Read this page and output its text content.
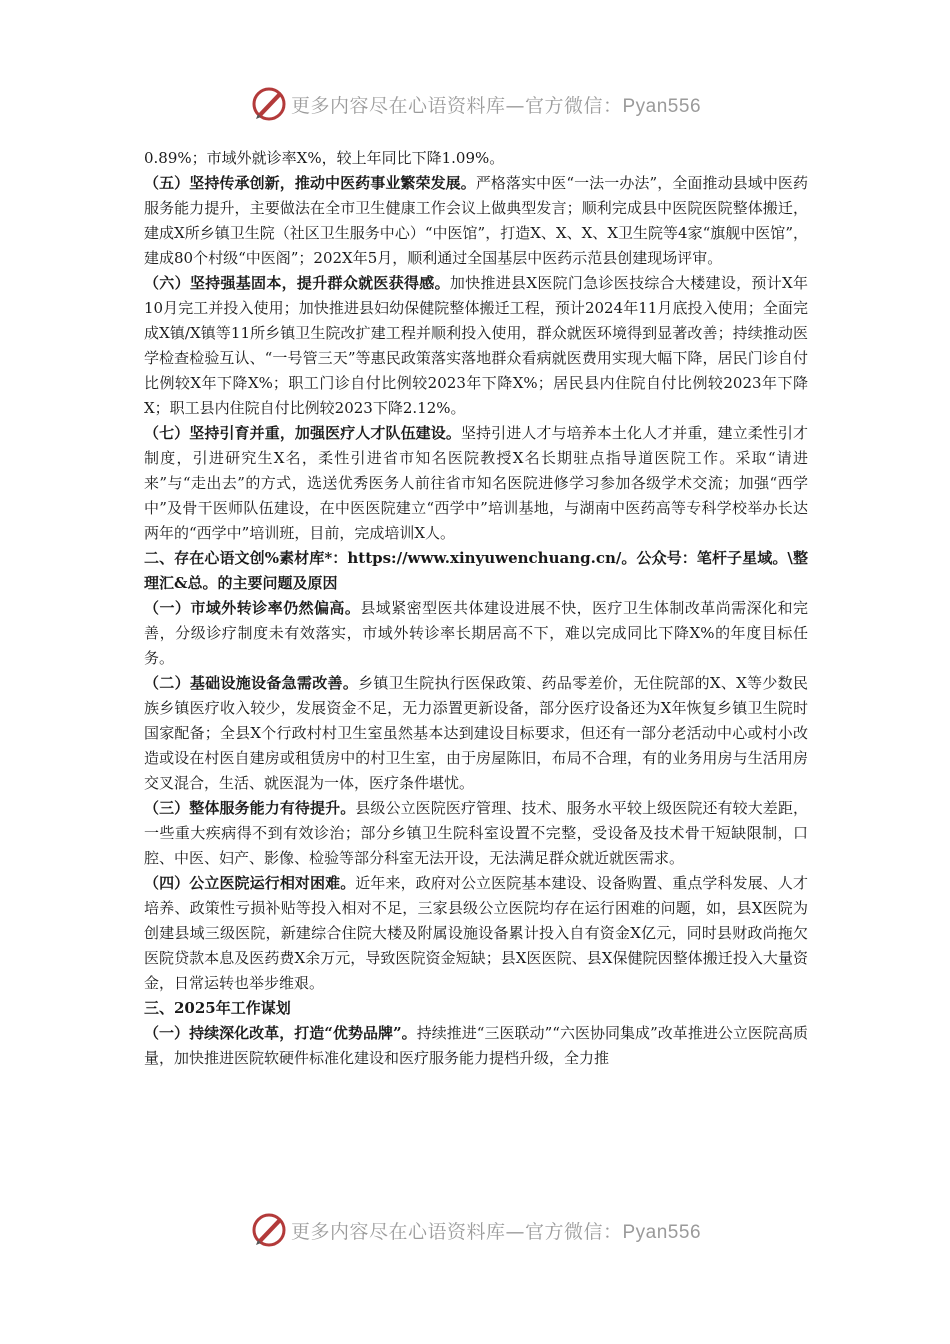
更多内容尽在心语资料库—官方微信：Pyan556

0.89%；市域外就诊率X%，较上年同比下降1.09%。

（五）坚持传承创新，推动中医药事业繁荣发展。严格落实中医“一法一办法”，全面推动县域中医药服务能力提升，主要做法在全市卫生健康工作会议上做典型发言；顺利完成县中医院医院整体搬迁，建成X所乡镇卫生院（社区卫生服务中心）“中医馆”，打造X、X、X、X卫生院等4家“旗舰中医馆”，建成80个村级“中医阁”；202X年5月，顺利通过全国基层中医药示范县创建现场评审。

（六）坚持强基固本，提升群众就医获得感。加快推进县X医院门急诊医技综合大楼建设，预计X年10月完工并投入使用；加快推进县妇幼保健院整体搬迁工程，预计2024年11月底投入使用；全面完成X镇/X镇等11所乡镇卫生院改扩建工程并顺利投入使用，群众就医环境得到显著改善；持续推动医学检查检验互认、“一号管三天”等惠民政策落实落地群众看病就医费用实现大幅下降，居民门诊自付比例较X年下降X%；职工门诊自付比例较2023年下降X%；居民县内住院自付比例较2023年下降X；职工县内住院自付比例较2023下降2.12%。

（七）坚持引育并重，加强医疗人才队伍建设。坚持引进人才与培养本土化人才并重，建立柔性引才制度，引进研究生X名，柔性引进省市知名医院教授X名长期驻点指导道医院工作。采取“请进来”与“走出去”的方式，选送优秀医务人前往省市知名医院进修学习参加各级学术交流；加强“西学中”及骨干医师队伍建设，在中医医院建立“西学中”培训基地，与湖南中医药高等专科学校举办长达两年的“西学中”培训班，目前，完成培训X人。

二、存在心语文创%素材库*：https://www.xinyuwenchuang.cn/。公众号：笔杆子星域。\整理汇&总。的主要问题及原因

（一）市域外转诊率仍然偏高。县域紧密型医共体建设进展不快，医疗卫生体制改革尚需深化和完善，分级诊疗制度未有效落实，市域外转诊率长期居高不下，难以完成同比下降X%的年度目标任务。

（二）基础设施设备急需改善。乡镇卫生院执行医保政策、药品零差价，无住院部的X、X等少数民族乡镇医疗收入较少，发展资金不足，无力添置更新设备，部分医疗设备还为X年恢复乡镇卫生院时国家配备；全县X个行政村村卫生室虽然基本达到建设目标要求，但还有一部分老活动中心或村小改造或设在村医自建房或租赁房中的村卫生室，由于房屋陈旧，布局不合理，有的业务用房与生活用房交叉混合，生活、就医混为一体，医疗条件堪忧。

（三）整体服务能力有待提升。县级公立医院医疗管理、技术、服务水平较上级医院还有较大差距，一些重大疾病得不到有效诊治；部分乡镇卫生院科室设置不完整，受设备及技术骨干短缺限制，口腔、中医、妇产、影像、检验等部分科室无法开设，无法满足群众就近就医需求。

（四）公立医院运行相对困难。近年来，政府对公立医院基本建设、设备购置、重点学科发展、人才培养、政策性亏损补贴等投入相对不足，三家县级公立医院均存在运行困难的问题，如，县X医院为创建县域三级医院，新建综合住院大楼及附属设施设备累计投入自有资金X亿元，同时县财政尚拖欠医院贷款本息及医药费X余万元，导致医院资金短缺；县X医医院、县X保健院因整体搬迁投入大量资金，日常运转也举步维艰。

三、2025年工作谋划

（一）持续深化改革，打造“优势品牌”。持续推进“三医联动”“六医协同集成”改革推进公立医院高质量，加快推进医院软硬件标准化建设和医疗服务能力提档升级，全力推

更多内容尽在心语资料库—官方微信：Pyan556
